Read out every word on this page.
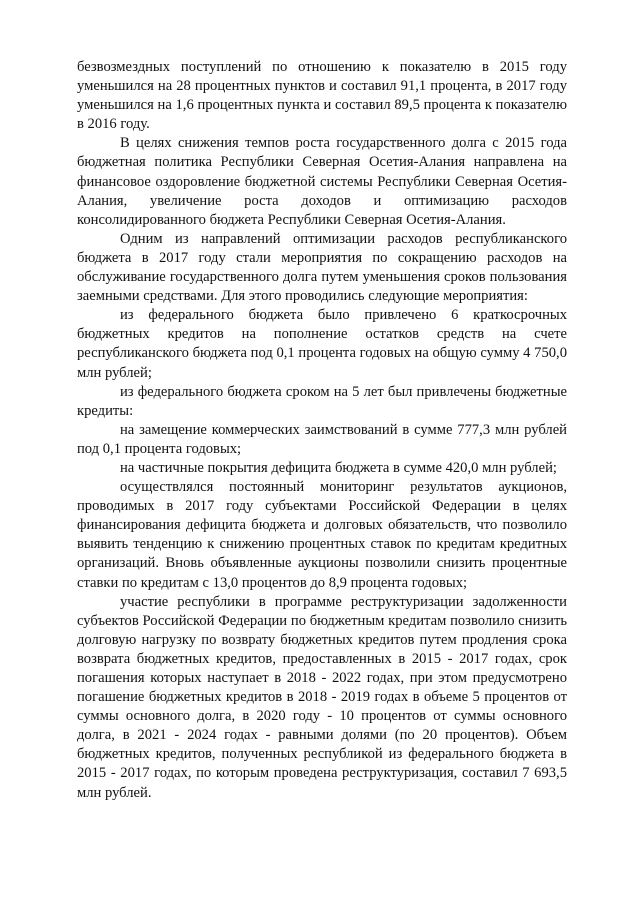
безвозмездных поступлений по отношению к показателю в 2015 году уменьшился на 28 процентных пунктов и составил 91,1 процента, в 2017 году уменьшился на 1,6 процентных пункта и составил 89,5 процента к показателю в 2016 году.

В целях снижения темпов роста государственного долга с 2015 года бюджетная политика Республики Северная Осетия-Алания направлена на финансовое оздоровление бюджетной системы Республики Северная Осетия-Алания, увеличение роста доходов и оптимизацию расходов консолидированного бюджета Республики Северная Осетия-Алания.

Одним из направлений оптимизации расходов республиканского бюджета в 2017 году стали мероприятия по сокращению расходов на обслуживание государственного долга путем уменьшения сроков пользования заемными средствами. Для этого проводились следующие мероприятия:

из федерального бюджета было привлечено 6 краткосрочных бюджетных кредитов на пополнение остатков средств на счете республиканского бюджета под 0,1 процента годовых на общую сумму 4 750,0 млн рублей;

из федерального бюджета сроком на 5 лет был привлечены бюджетные кредиты:

на замещение коммерческих заимствований в сумме 777,3 млн рублей под 0,1 процента годовых;

на частичные покрытия дефицита бюджета в сумме 420,0 млн рублей;

осуществлялся постоянный мониторинг результатов аукционов, проводимых в 2017 году субъектами Российской Федерации в целях финансирования дефицита бюджета и долговых обязательств, что позволило выявить тенденцию к снижению процентных ставок по кредитам кредитных организаций. Вновь объявленные аукционы позволили снизить процентные ставки по кредитам с 13,0 процентов до 8,9 процента годовых;

участие республики в программе реструктуризации задолженности субъектов Российской Федерации по бюджетным кредитам позволило снизить долговую нагрузку по возврату бюджетных кредитов путем продления срока возврата бюджетных кредитов, предоставленных в 2015 - 2017 годах, срок погашения которых наступает в 2018 - 2022 годах, при этом предусмотрено погашение бюджетных кредитов в 2018 - 2019 годах в объеме 5 процентов от суммы основного долга, в 2020 году - 10 процентов от суммы основного долга, в 2021 - 2024 годах - равными долями (по 20 процентов). Объем бюджетных кредитов, полученных республикой из федерального бюджета в 2015 - 2017 годах, по которым проведена реструктуризация, составил 7 693,5 млн рублей.
